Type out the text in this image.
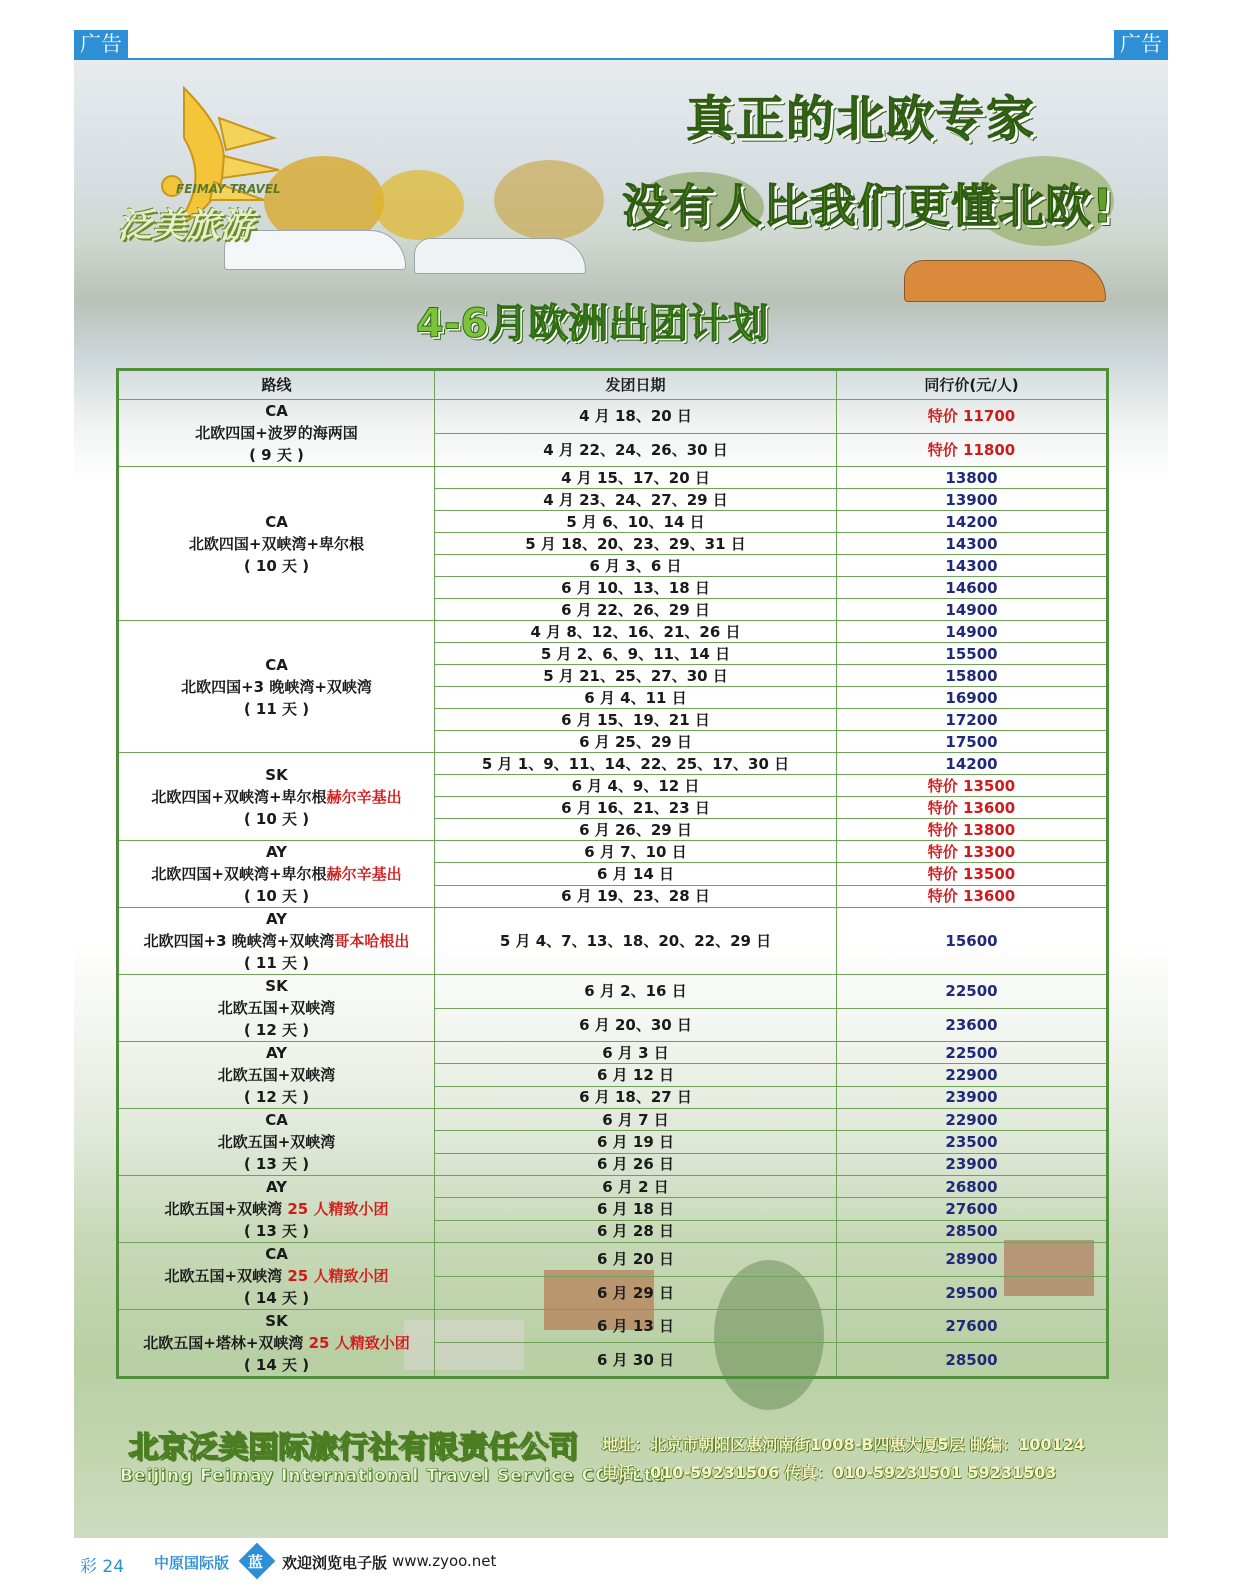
广告	广告
FEIMAY TRAVEL
泛美旅游
真正的北欧专家
没有人比我们更懂北欧!
4-6月欧洲出团计划
路线	发团日期	同行价(元/人)

CA
北欧四国+波罗的海两国
( 9 天 )	4 月 18、20 日	特价 11700
	4 月 22、24、26、30 日	特价 11800

CA
北欧四国+双峡湾+卑尔根
( 10 天 )	4 月 15、17、20 日	13800
	4 月 23、24、27、29 日	13900
	5 月 6、10、14 日	14200
	5 月 18、20、23、29、31 日	14300
	6 月 3、6 日	14300
	6 月 10、13、18 日	14600
	6 月 22、26、29 日	14900

CA
北欧四国+3 晚峡湾+双峡湾
( 11 天 )	4 月 8、12、16、21、26 日	14900
	5 月 2、6、9、11、14 日	15500
	5 月 21、25、27、30 日	15800
	6 月 4、11 日	16900
	6 月 15、19、21 日	17200
	6 月 25、29 日	17500

SK
北欧四国+双峡湾+卑尔根赫尔辛基出
( 10 天 )	5 月 1、9、11、14、22、25、17、30 日	14200
	6 月 4、9、12 日	特价 13500
	6 月 16、21、23 日	特价 13600
	6 月 26、29 日	特价 13800

AY
北欧四国+双峡湾+卑尔根赫尔辛基出
( 10 天 )	6 月 7、10 日	特价 13300
	6 月 14 日	特价 13500
	6 月 19、23、28 日	特价 13600

AY
北欧四国+3 晚峡湾+双峡湾哥本哈根出
( 11 天 )	5 月 4、7、13、18、20、22、29 日	15600

SK
北欧五国+双峡湾
( 12 天 )	6 月 2、16 日	22500
	6 月 20、30 日	23600

AY
北欧五国+双峡湾
( 12 天 )	6 月 3 日	22500
	6 月 12 日	22900
	6 月 18、27 日	23900

CA
北欧五国+双峡湾
( 13 天 )	6 月 7 日	22900
	6 月 19 日	23500
	6 月 26 日	23900

AY
北欧五国+双峡湾 25 人精致小团
( 13 天 )	6 月 2 日	26800
	6 月 18 日	27600
	6 月 28 日	28500

CA
北欧五国+双峡湾 25 人精致小团
( 14 天 )	6 月 20 日	28900
	6 月 29 日	29500

SK
北欧五国+塔林+双峡湾 25 人精致小团
( 14 天 )	6 月 13 日	27600
	6 月 30 日	28500
北京泛美国际旅行社有限责任公司
Beijing Feimay International Travel Service CO., Ltd
地址：北京市朝阳区惠河南街1008-B四惠大厦5层 邮编：100124
电话：010-59231506 传真：010-59231501 59231503
彩 24 中原国际版 蓝 欢迎浏览电子版 www.zyoo.net
